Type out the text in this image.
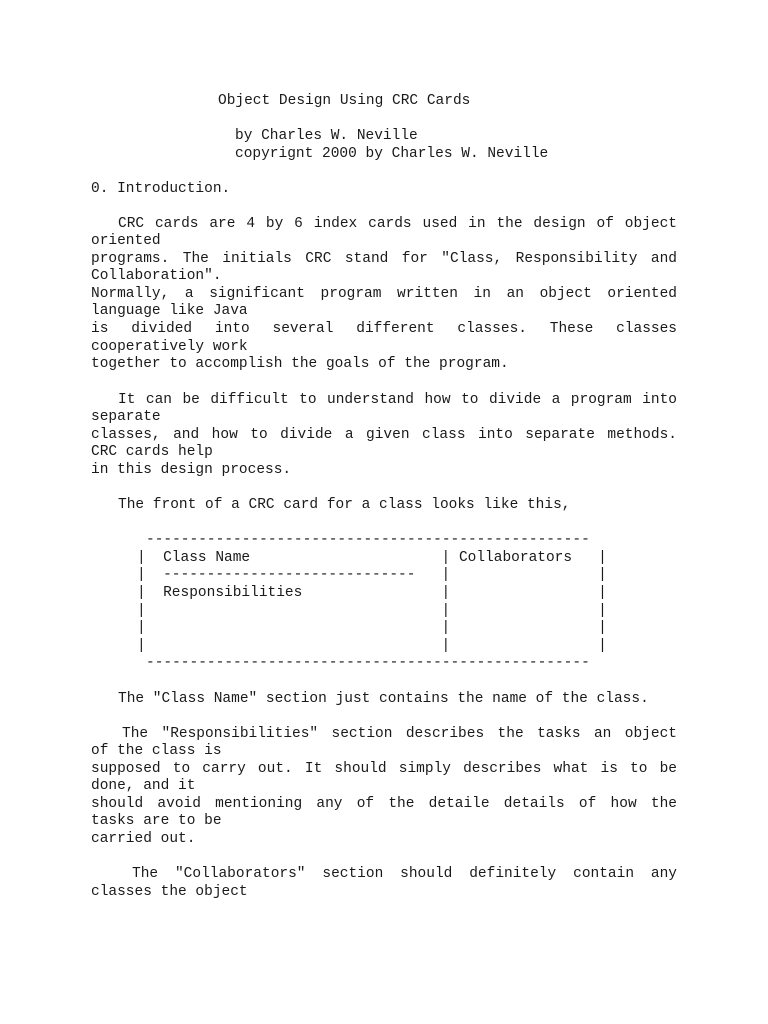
Object Design Using CRC Cards
by Charles W. Neville
copyrignt 2000 by Charles W. Neville
0. Introduction.
CRC cards are 4 by 6 index cards used in the design of object
oriented
programs. The initials CRC stand for "Class, Responsibility and
Collaboration".
Normally, a significant program written in an object oriented
language like Java
is divided into several different classes. These classes
cooperatively work
together to accomplish the goals of the program.
It can be difficult to understand how to divide a program into
separate
classes, and how to divide a given class into separate methods.
CRC cards help
in this design process.
The front of a CRC card for a class looks like this,
---------------------------------------------------
|  Class Name                      | Collaborators   |
|  -----------------------------   |                 |
|  Responsibilities                |                 |
|                                  |                 |
|                                  |                 |
|                                  |                 |
---------------------------------------------------
The "Class Name" section just contains the name of the class.
The "Responsibilities" section describes the tasks an object
of the class is
supposed to carry out. It should simply describes what is to be
done, and it
should avoid mentioning any of the detaile details of how the
tasks are to be
carried out.
The "Collaborators" section should definitely contain any
classes the object
